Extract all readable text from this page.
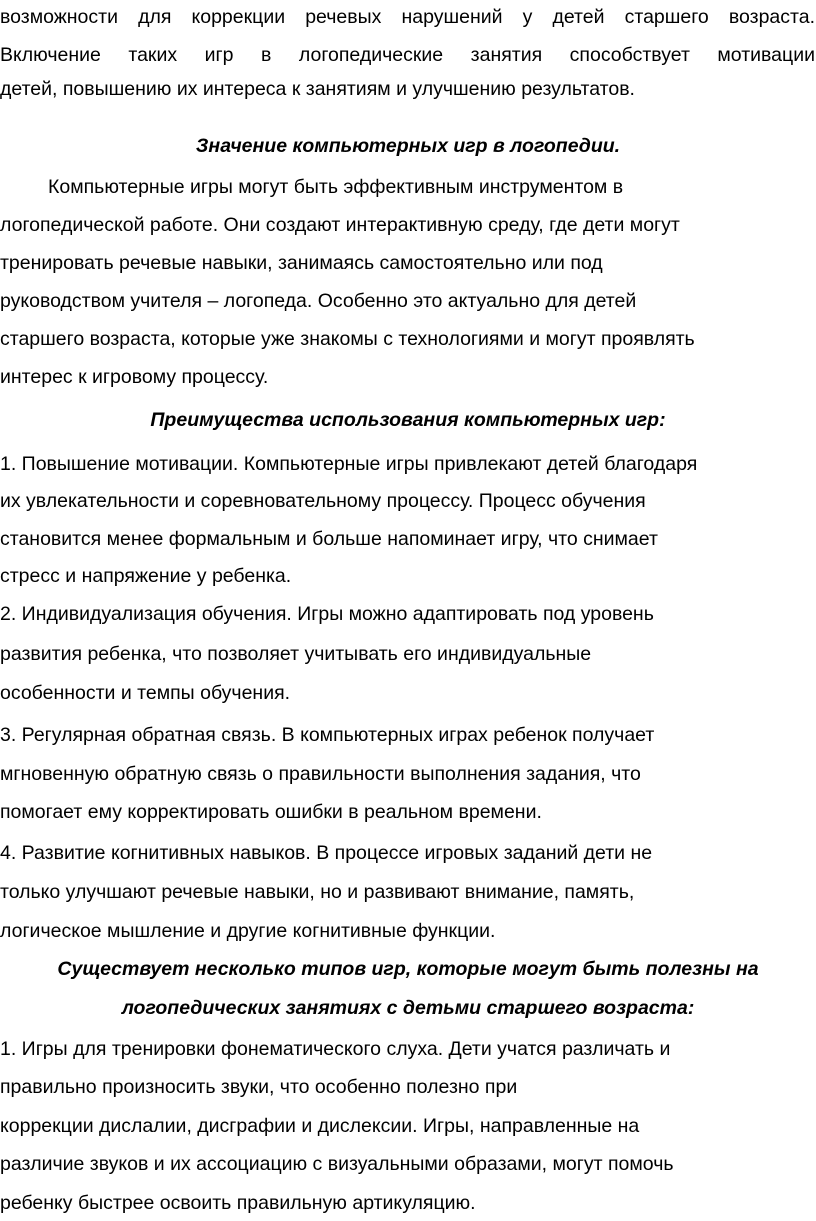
возможности для коррекции речевых нарушений у детей старшего возраста.
Включение таких игр в логопедические занятия способствует мотивации
детей, повышению их интереса к занятиям и улучшению результатов.
Значение компьютерных игр в логопедии.
Компьютерные игры могут быть эффективным инструментом в
логопедической работе. Они создают интерактивную среду, где дети могут
тренировать речевые навыки, занимаясь самостоятельно или под
руководством учителя – логопеда. Особенно это актуально для детей
старшего возраста, которые уже знакомы с технологиями и могут проявлять
интерес к игровому процессу.
Преимущества использования компьютерных игр:
1. Повышение мотивации. Компьютерные игры привлекают детей благодаря
их увлекательности и соревновательному процессу. Процесс обучения
становится менее формальным и больше напоминает игру, что снимает
стресс и напряжение у ребенка.
2. Индивидуализация обучения. Игры можно адаптировать под уровень
развития ребенка, что позволяет учитывать его индивидуальные
особенности и темпы обучения.
3. Регулярная обратная связь. В компьютерных играх ребенок получает
мгновенную обратную связь о правильности выполнения задания, что
помогает ему корректировать ошибки в реальном времени.
4. Развитие когнитивных навыков. В процессе игровых заданий дети не
только улучшают речевые навыки, но и развивают внимание, память,
логическое мышление и другие когнитивные функции.
Существует несколько типов игр, которые могут быть полезны на
логопедических занятиях с детьми старшего возраста:
1. Игры для тренировки фонематического слуха. Дети учатся различать и
правильно произносить звуки, что особенно полезно при
коррекции дислалии, дисграфии и дислексии. Игры, направленные на
различие звуков и их ассоциацию с визуальными образами, могут помочь
ребенку быстрее освоить правильную артикуляцию.
